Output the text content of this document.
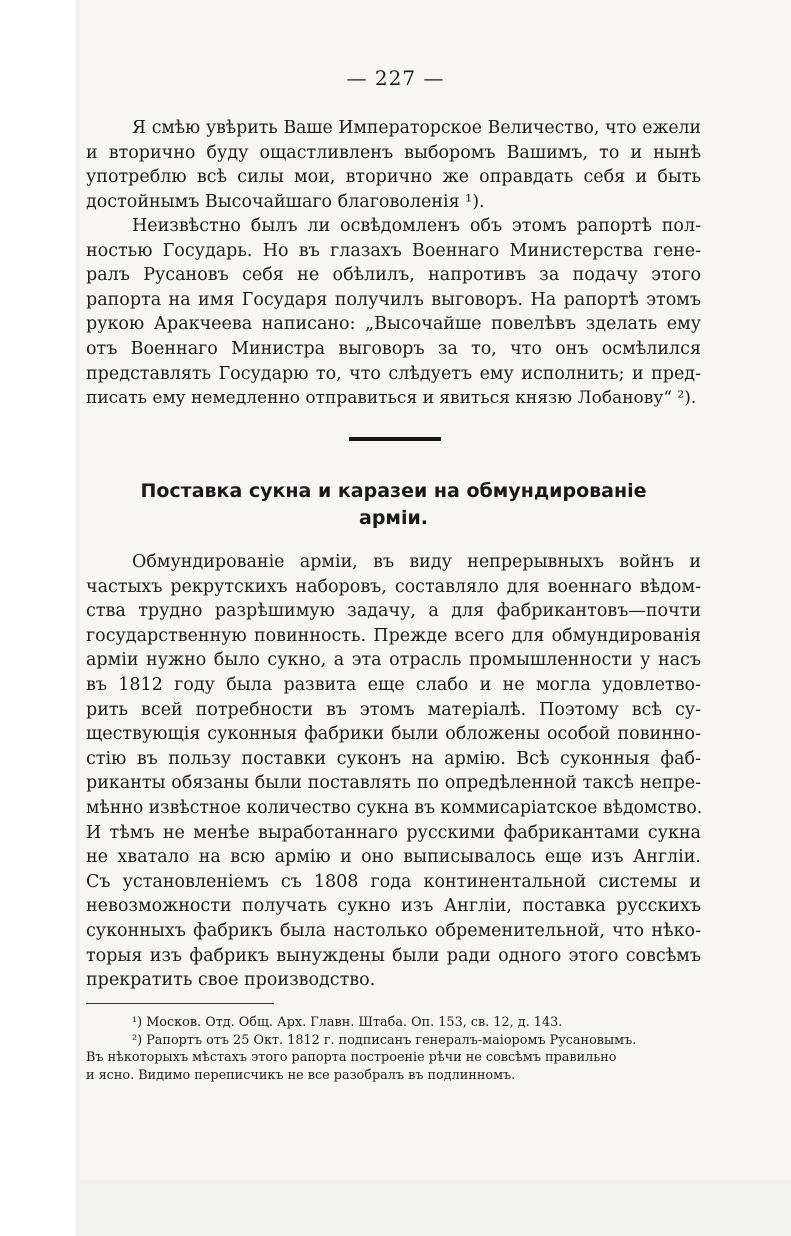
— 227 —
Я смѣю увѣрить Вашe Императорское Величество, что ежели
и вторично буду ощастливленъ выборомъ Вашимъ, то и нынѣ
употреблю всѣ силы мои, вторично же оправдать себя и быть
достойнымъ Высочайшаго благоволенія ¹).
Неизвѣстно былъ ли освѣдомленъ объ этомъ рапортѣ пол-
ностью Государь. Но въ глазахъ Военнаго Министерства гене-
ралъ Русановъ себя не обѣлилъ, напротивъ за подачу этого
рапорта на имя Государя получилъ выговоръ. На рапортѣ этомъ
рукою Аракчеева написано: „Высочайше повелѣвъ зделать ему
отъ Военнаго Министра выговоръ за то, что онъ осмѣлился
представлять Государю то, что слѣдуетъ ему исполнить; и пред-
писать ему немедленно отправиться и явиться князю Лобанову“ ²).
Поставка сукна и каразеи на обмундированіе
арміи.
Обмундированіе арміи, въ виду непрерывныхъ войнъ и
частыхъ рекрутскихъ наборовъ, составляло для военнаго вѣдом-
ства трудно разрѣшимую задачу, а для фабрикантовъ—почти
государственную повинность. Прежде всего для обмундированія
арміи нужно было сукно, а эта отрасль промышленности у насъ
въ 1812 году была развита еще слабо и не могла удовлетво-
рить всей потребности въ этомъ матеріалѣ. Поэтому всѣ су-
ществующія суконныя фабрики были обложены особой повинно-
стію въ пользу поставки суконъ на армію. Всѣ суконныя фаб-
риканты обязаны были поставлять по опредѣленной таксѣ непре-
мѣнно извѣстное количество сукна въ коммисаріатское вѣдомство.
И тѣмъ не менѣе выработаннаго русскими фабрикантами сукна
не хватало на всю армію и оно выписывалось еще изъ Англіи.
Съ установленіемъ съ 1808 года континентальной системы и
невозможности получать сукно изъ Англіи, поставка русскихъ
суконныхъ фабрикъ была настолько обременительной, что нѣко-
торыя изъ фабрикъ вынуждены были ради одного этого совсѣмъ
прекратить свое производство.
¹) Москов. Отд. Общ. Арх. Главн. Штаба. Оп. 153, св. 12, д. 143.
²) Рапортъ отъ 25 Окт. 1812 г. подписанъ генералъ-маіоромъ Русановымъ.
Въ нѣкоторыхъ мѣстахъ этого рапорта построеніе рѣчи не совсѣмъ правильно
и ясно. Видимо переписчикъ не все разобралъ въ подлинномъ.
